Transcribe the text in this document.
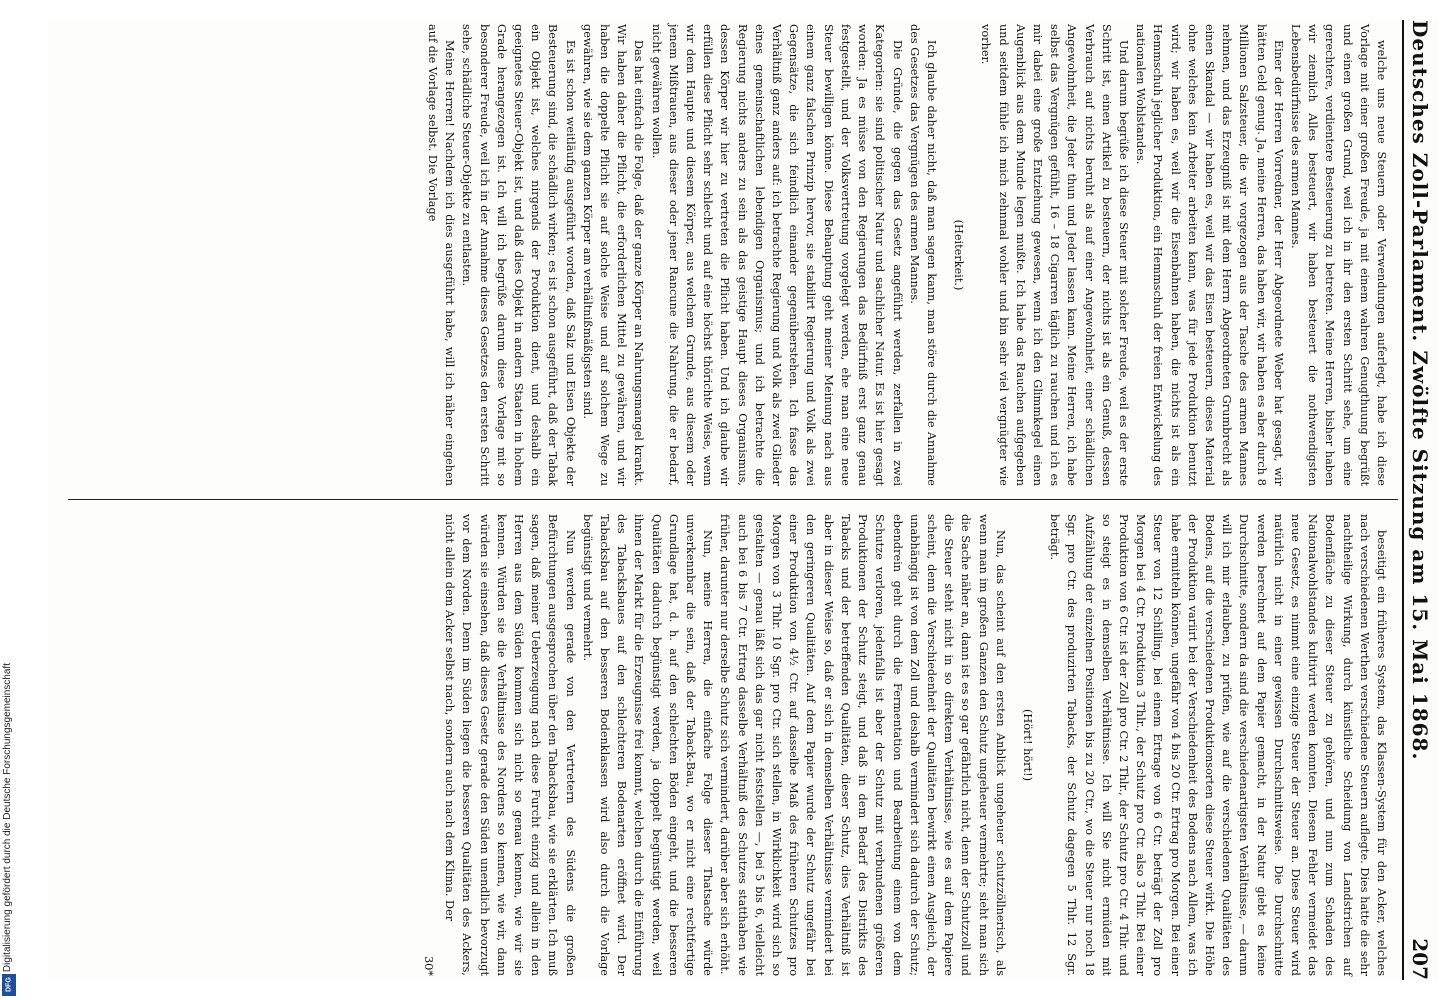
Digitalisierung gefördert durch die Deutsche Forschungsgemeinschaft
DFG
Deutsches Zoll-Parlament. Zwölfte Sitzung am 15. Mai 1868.
207

welche uns neue Steuern oder Verwendungen auferlegt, habe ich diese Vorlage mit einer großen Freude, ja mit einem wahren Genugthuung begrüßt und einen großen Grund, weil ich in ihr den ersten Schritt sehe, um eine gerechtere, verdientere Besteuerung zu betreten. Meine Herren, bisher haben wir ziemlich Alles besteuert, wir haben besteuert die nothwendigsten Lebensbedürfnisse des armen Mannes.

Einer der Herren Vorredner, der Herr Abgeordnete Weber hat gesagt, wir hätten Geld genug. Ja, meine Herren, das haben wir, wir haben es aber durch 8 Millionen Salzsteuer, die wir vorgezogen aus der Tasche des armen Mannes nehmen, und das Erzeugniß ist mit dem Herrn Abgeordneten Grumbrecht als einen Skandal — wir haben es, weil wir das Eisen besteuern, dieses Material ohne welches kein Arbeiter arbeiten kann, was für jede Produktion benutzt wird; wir haben es, weil wir die Eisenbahnen haben, die nichts ist als ein Hemmschuh jeglicher Produktion, ein Hemmschuh der freien Entwickelung des nationalen Wohlstandes.

Und darum begrüße ich diese Steuer mit solcher Freude, weil es der erste Schritt ist, einen Artikel zu besteuern, der nichts ist als ein Genuß, dessen Verbrauch auf nichts beruht als auf einer Angewohnheit, einer schädlichen Angewohnheit, die Jeder thun und Jeder lassen kann. Meine Herren, ich habe selbst das Vergnügen gefühlt, 16 – 18 Cigarren täglich zu rauchen und ich es mir dabei eine große Entziehung gewesen, wenn ich den Glimmkegel einen Augenblick aus dem Munde legen mußte. Ich habe das Rauchen aufgegeben und seitdem fühle ich mich zehnmal wohler und bin sehr viel vergnügter wie vorher.

(Heiterkeit.)

Ich glaube daher nicht, daß man sagen kann, man störe durch die Annahme des Gesetzes das Vergnügen des armen Mannes.

Die Gründe, die gegen das Gesetz angeführt werden, zerfallen in zwei Kategorien: sie sind politischer Natur und sachlicher Natur. Es ist hier gesagt worden: Ja es müsse von den Regierungen das Bedürfniß erst ganz genau festgestellt, und der Volksvertretung vorgelegt werden, ehe man eine neue Steuer bewilligen könne. Diese Behauptung geht meiner Meinung nach aus einem ganz falschen Prinzip hervor, sie stabilirt Regierung und Volk als zwei Gegensätze, die sich feindlich einander gegenüberstehen. Ich fasse das Verhältniß ganz anders auf: ich betrachte Regierung und Volk als zwei Glieder eines gemeinschaftlichen lebendigen Organismus; und ich betrachte die Regierung nichts anders zu sein als das geistige Haupt dieses Organismus, dessen Körper wir hier zu vertreten die Pflicht haben. Und ich glaube wir erfüllen diese Pflicht sehr schlecht und auf eine höchst thörichte Weise, wenn wir dem Haupte und diesem Körper, aus welchem Grunde, aus diesem oder jenem Mißtrauen, aus dieser oder jener Rancune die Nahrung, die er bedarf, nicht gewähren wollen.

Das hat einfach die Folge, daß der ganze Körper an Nahrungsmangel krankt. Wir haben daher die Pflicht, die erforderlichen Mittel zu gewähren, und wir haben die doppelte Pflicht sie auf solche Weise und auf solchem Wege zu gewähren, wie sie dem ganzen Körper am verhältnißmäßigsten sind.

Es ist schon weitläufig ausgeführt worden, daß Salz und Eisen Objekte der Besteuerung sind, die schädlich wirken; es ist schon ausgeführt, daß der Tabak ein Objekt ist, welches nirgends der Produktion dient, und deshalb ein geeignetes Steuer-Objekt ist, und daß dies Objekt in andern Staaten in hohem Grade herangezogen ist. Ich will ich begrüße darum diese Vorlage mit so besonderer Freude, weil ich in der Annahme dieses Gesetzes den ersten Schritt sehe, schädliche Steuer-Objekte zu entlasten.

Meine Herren! Nachdem ich dies ausgeführt habe, will ich näher eingehen auf die Vorlage selbst. Die Vorlage

beseitigt ein früheres System, das Klassen-System für den Acker, welches nach verschiedenen Werthen verschiedene Steuern auflegte. Dies hatte die sehr nachtheilige Wirkung, durch künstliche Scheidung von Landstrichen auf Bodenfläche zu dieser Steuer zu gehören, und nun zum Schaden des Nationalwohlstandes kultivirt werden konnten. Diesem Fehler vermeidet das neue Gesetz, es nimmt eine einzige Steuer der Steuer an. Diese Steuer wird natürlich nicht in einer gewissen Durchschnittsweise. Die Durchschnitte werden berechnet auf dem Papier gemacht, in der Natur giebt es keine Durchschnitte, sondern da sind die verschiedenartigsten Verhältnisse, — darum will ich mir erlauben, zu prüfen, wie auf die verschiedenen Qualitäten des Bodens, auf die verschiedenen Produktionsorten diese Steuer wirkt. Die Höhe der Produktion variirt bei der Verschiedenheit des Bodens nach Allem, was ich habe ermitteln können, ungefähr von 4 bis 20 Ctr. Ertrag pro Morgen. Bei einer Steuer von 12 Schilling, bei einem Ertrage von 6 Ctr. beträgt der Zoll pro Morgen bei 4 Ctr. Produktion 3 Thlr., der Schutz pro Ctr. also 3 Thlr. Bei einer Produktion von 6 Ctr. ist der Zoll pro Ctr. 2 Thlr., der Schutz pro Ctr. 4 Thlr. und so steigt es in demselben Verhältnisse. Ich will Sie nicht ermüden mit Aufzählung der einzelnen Positionen bis zu 20 Ctr., wo die Steuer nur noch 18 Sgr. pro Ctr. des produzirten Tabacks, der Schutz dagegen 5 Thlr. 12 Sgr. beträgt.

(Hört! hört!)

Nun, das scheint auf den ersten Anblick ungeheuer schutzzöllnerisch, als wenn man im großen Ganzen den Schutz ungeheuer vermehrte; sieht man sich die Sache näher an, dann ist es so gar gefährlich nicht, denn der Schutzzoll und die Steuer steht nicht in so direktem Verhältnisse, wie es auf dem Papiere scheint, denn die Verschiedenheit der Qualitäten bewirkt einen Ausgleich, der unabhängig ist von dem Zoll und deshalb vermindert sich dadurch der Schutz; ebendrein geht durch die Fermentation und Bearbeitung einem von dem Schutze verloren, jedenfalls ist aber der Schutz mit verbundenen größeren Produktionen der Schutz steigt, und daß in dem Bedarf des Distrikts des Tabacks und der betreffenden Qualitäten, dieser Schutz, dies Verhältniß ist aber in dieser Weise so, daß er sich in demselben Verhältnisse vermindert bei den geringeren Qualitäten. Auf dem Papier wurde der Schutz ungefähr bei einer Produktion von 4½ Ctr. auf dasselbe Maß des früheren Schutzes pro Morgen von 3 Thlr. 10 Sgr. pro Ctr. sich stellen, in Wirklichkeit wird sich so gestalten — genau läßt sich das gar nicht feststellen —, bei 5 bis 6, vielleicht auch bei 6 bis 7 Ctr. Ertrag dasselbe Verhältniß des Schutzes statthaben wie früher, darunter nur derselbe Schutz sich vermindert, darüber aber sich erhöht.

Nun, meine Herren, die einfache Folge dieser Thatsache würde unverkennbar die sein, daß der Taback-Bau, wo er nicht eine rechtfertige Grundlage hat, d. h. auf den schlechten Böden eingeht, und die besseren Qualitäten dadurch begünstigt werden, ja doppelt begünstigt werden, weil ihnen der Markt für die Erzeugnisse frei kommt, welchen durch die Einführung des Tabacksbaues auf den schlechteren Bodenarten eröffnet wird. Der Tabacksbau auf den besseren Bodenklassen wird also durch die Vorlage begünstigt und vermehrt.

Nun werden gerade von den Vertretern des Südens die großen Befürchtungen ausgesprochen über den Tabacksbau, wie sie erklärten. Ich muß sagen, daß meiner Ueberzeugung nach diese Furcht einzig und allein in den Herren aus dem Süden kommen sich nicht so genau kennen, wie wir sie kennen. Würden sie die Verhältnisse des Nordens so kennen, wie wir, dann würden sie einsehen, daß dieses Gesetz gerade den Süden unendlich bevorzugt vor dem Norden. Denn im Süden liegen die besseren Qualitäten des Ackers, nicht allein dem Acker selbst nach, sondern auch nach dem Klima. Der

30*
